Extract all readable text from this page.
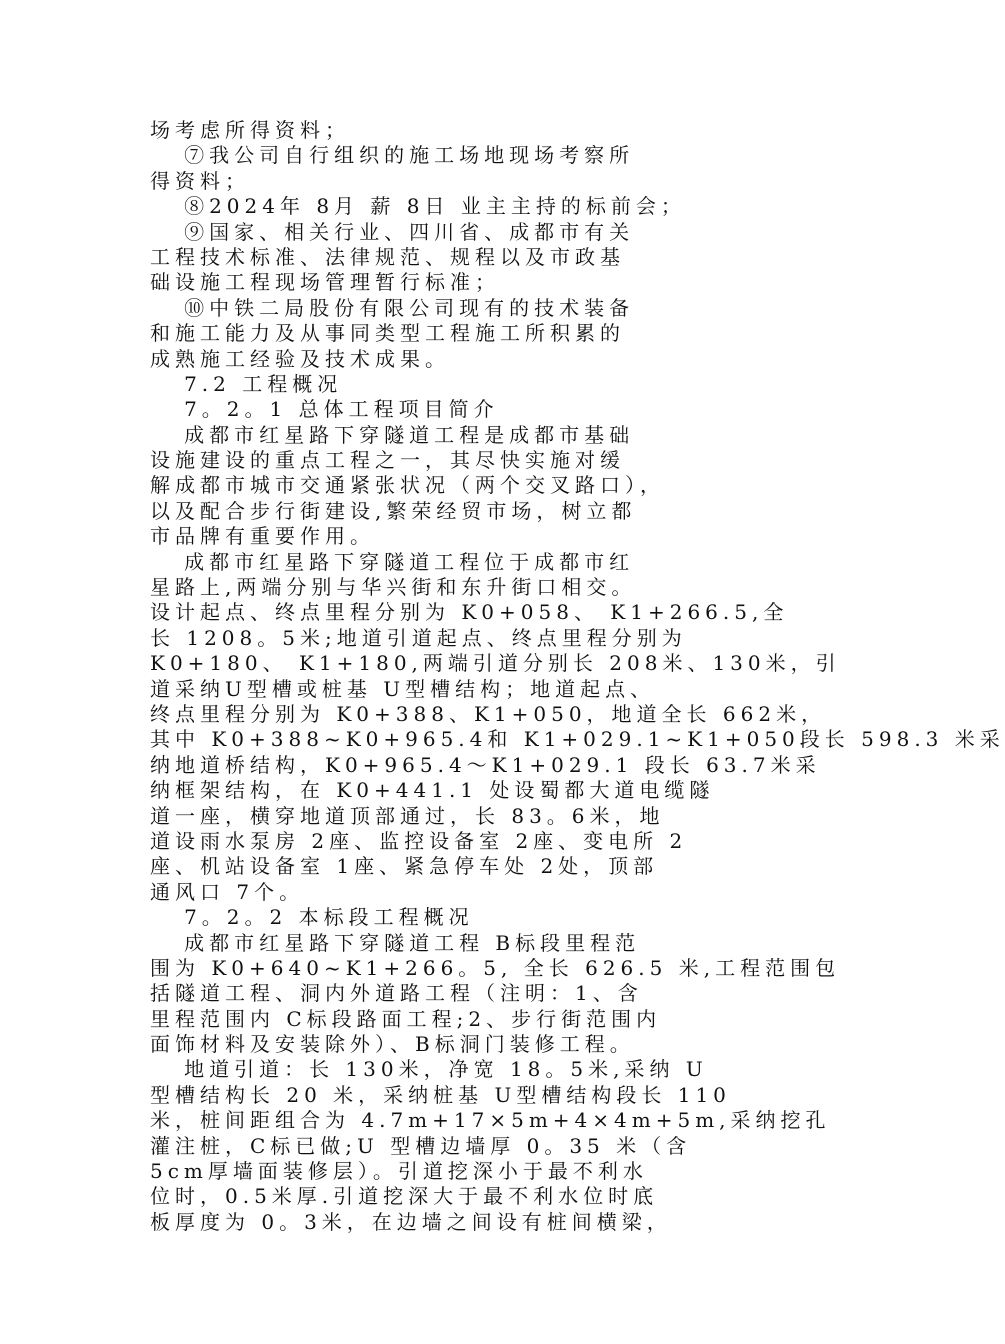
场考虑所得资料；
⑦我公司自行组织的施工场地现场考察所
得资料；
⑧2024年 8月 薪 8日 业主主持的标前会；
⑨国家、相关行业、四川省、成都市有关
工程技术标准、法律规范、规程以及市政基
础设施工程现场管理暂行标准；
⑩中铁二局股份有限公司现有的技术装备
和施工能力及从事同类型工程施工所积累的
成熟施工经验及技术成果。
7.2 工程概况
7。2。1 总体工程项目简介
成都市红星路下穿隧道工程是成都市基础
设施建设的重点工程之一，其尽快实施对缓
解成都市城市交通紧张状况（两个交叉路口），
以及配合步行街建设,繁荣经贸市场，树立都
市品牌有重要作用。
成都市红星路下穿隧道工程位于成都市红
星路上,两端分别与华兴街和东升街口相交。
设计起点、终点里程分别为 K0+058、 K1+266.5,全
长 1208。5米;地道引道起点、终点里程分别为
K0+180、 K1+180,两端引道分别长 208米、130米，引
道采纳U型槽或桩基 U型槽结构；地道起点、
终点里程分别为 K0+388、K1+050，地道全长 662米，
其中 K0+388~K0+965.4和 K1+029.1~K1+050段长 598.3 米采
纳地道桥结构，K0+965.4～K1+029.1 段长 63.7米采
纳框架结构，在 K0+441.1 处设蜀都大道电缆隧
道一座，横穿地道顶部通过，长 83。6米，地
道设雨水泵房 2座、监控设备室 2座、变电所 2
座、机站设备室 1座、紧急停车处 2处，顶部
通风口 7个。
7。2。2 本标段工程概况
成都市红星路下穿隧道工程 B标段里程范
围为 K0+640~K1+266。5, 全长 626.5 米,工程范围包
括隧道工程、洞内外道路工程（注明：1、含
里程范围内 C标段路面工程;2、步行街范围内
面饰材料及安装除外）、B标洞门装修工程。
地道引道：长 130米，净宽 18。5米,采纳 U
型槽结构长 20 米，采纳桩基 U型槽结构段长 110
米，桩间距组合为 4.7m+17×5m+4×4m+5m,采纳挖孔
灌注桩，C标已做;U 型槽边墙厚 0。35 米（含
5cm厚墙面装修层）。引道挖深小于最不利水
位时，0.5米厚.引道挖深大于最不利水位时底
板厚度为 0。3米，在边墙之间设有桩间横梁，
